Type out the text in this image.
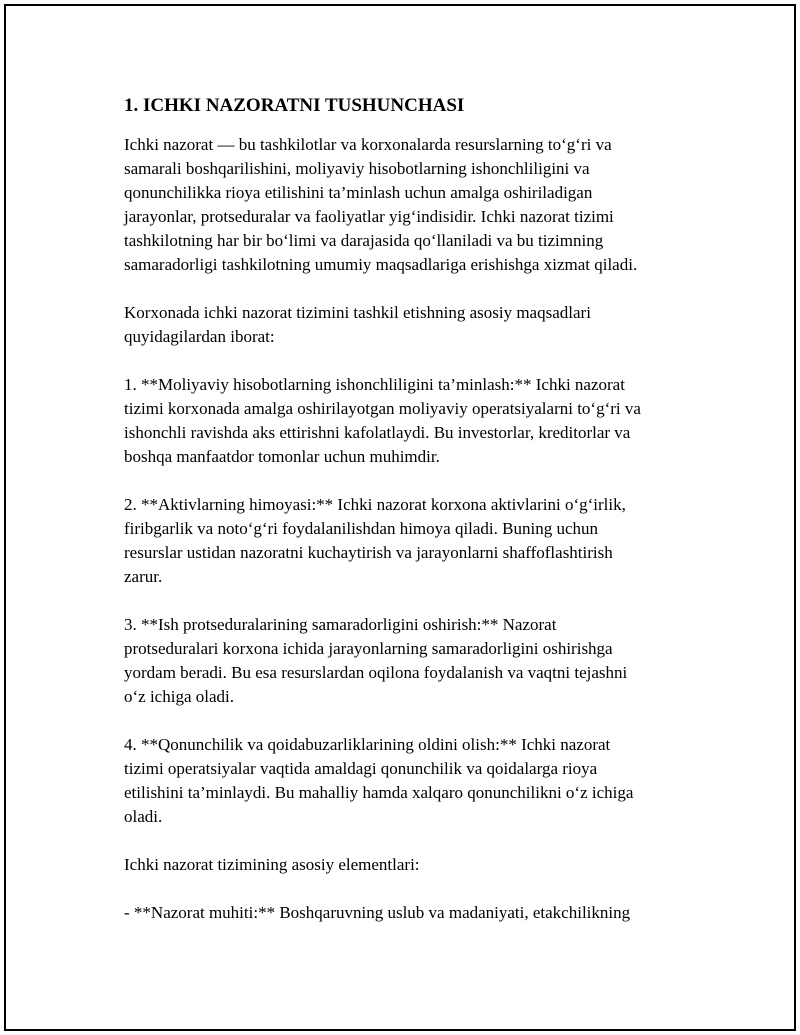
1. ICHKI NAZORATNI TUSHUNCHASI

Ichki nazorat — bu tashkilotlar va korxonalarda resurslarning to‘g‘ri va
samarali boshqarilishini, moliyaviy hisobotlarning ishonchliligini va
qonunchilikka rioya etilishini ta’minlash uchun amalga oshiriladigan
jarayonlar, protseduralar va faoliyatlar yig‘indisidir. Ichki nazorat tizimi
tashkilotning har bir bo‘limi va darajasida qo‘llaniladi va bu tizimning
samaradorligi tashkilotning umumiy maqsadlariga erishishga xizmat qiladi.

Korxonada ichki nazorat tizimini tashkil etishning asosiy maqsadlari
quyidagilardan iborat:

1. **Moliyaviy hisobotlarning ishonchliligini ta’minlash:** Ichki nazorat
tizimi korxonada amalga oshirilayotgan moliyaviy operatsiyalarni to‘g‘ri va
ishonchli ravishda aks ettirishni kafolatlaydi. Bu investorlar, kreditorlar va
boshqa manfaatdor tomonlar uchun muhimdir.

2. **Aktivlarning himoyasi:** Ichki nazorat korxona aktivlarini o‘g‘irlik,
firibgarlik va noto‘g‘ri foydalanilishdan himoya qiladi. Buning uchun
resurslar ustidan nazoratni kuchaytirish va jarayonlarni shaffoflashtirish
zarur.

3. **Ish protseduralarining samaradorligini oshirish:** Nazorat
protseduralari korxona ichida jarayonlarning samaradorligini oshirishga
yordam beradi. Bu esa resurslardan oqilona foydalanish va vaqtni tejashni
o‘z ichiga oladi.

4. **Qonunchilik va qoidabuzarliklarining oldini olish:** Ichki nazorat
tizimi operatsiyalar vaqtida amaldagi qonunchilik va qoidalarga rioya
etilishini ta’minlaydi. Bu mahalliy hamda xalqaro qonunchilikni o‘z ichiga
oladi.

Ichki nazorat tizimining asosiy elementlari:

- **Nazorat muhiti:** Boshqaruvning uslub va madaniyati, etakchilikning
